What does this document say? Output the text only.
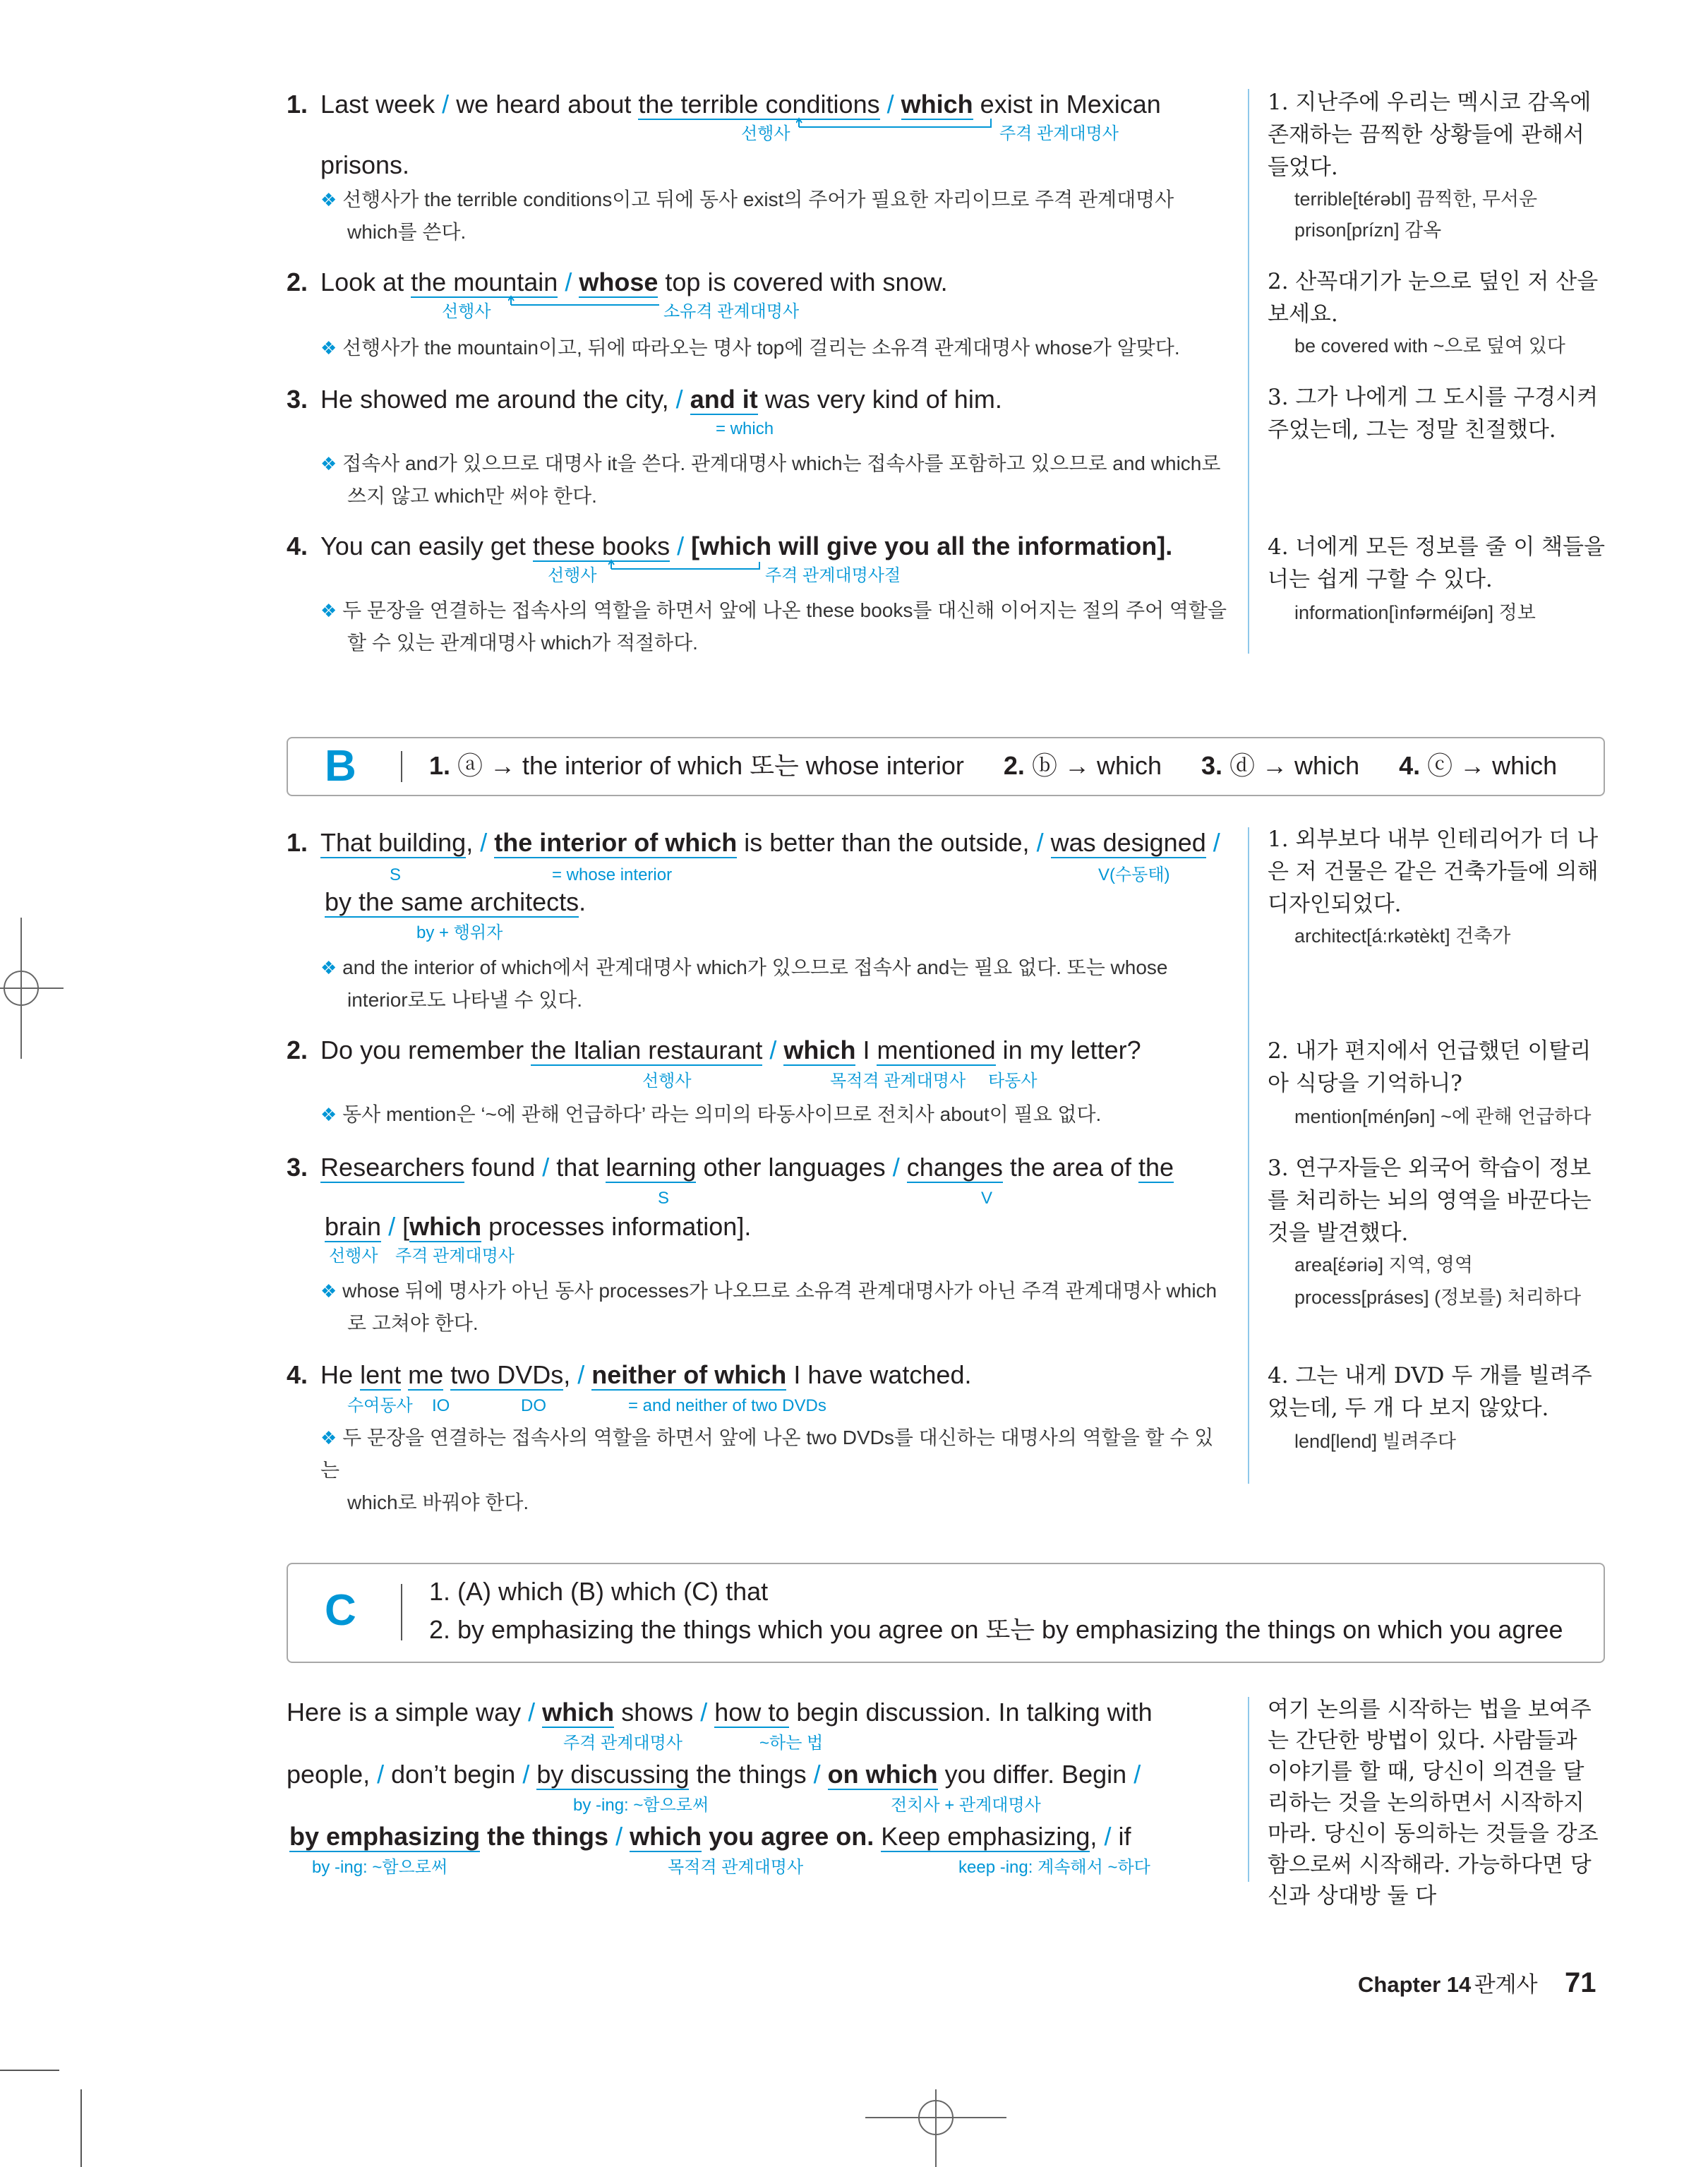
1. Last week / we heard about the terrible conditions / which exist in Mexican
선행사	주격 관계대명사
prisons.
❖ 선행사가 the terrible conditions이고 뒤에 동사 exist의 주어가 필요한 자리이므로 주격 관계대명사
which를 쓴다.
2. Look at the mountain / whose top is covered with snow.
선행사	소유격 관계대명사
❖ 선행사가 the mountain이고, 뒤에 따라오는 명사 top에 걸리는 소유격 관계대명사 whose가 알맞다.
3. He showed me around the city, / and it was very kind of him.
= which
❖ 접속사 and가 있으므로 대명사 it을 쓴다. 관계대명사 which는 접속사를 포함하고 있으므로 and which로
쓰지 않고 which만 써야 한다.
4. You can easily get these books / [which will give you all the information].
선행사	주격 관계대명사절
❖ 두 문장을 연결하는 접속사의 역할을 하면서 앞에 나온 these books를 대신해 이어지는 절의 주어 역할을
할 수 있는 관계대명사 which가 적절하다.
1. 지난주에 우리는 멕시코 감옥에 존재하는 끔찍한 상황들에 관해서 들었다.
terrible[térəbl] 끔찍한, 무서운
prison[prízn] 감옥
2. 산꼭대기가 눈으로 덮인 저 산을 보세요.
be covered with ~으로 덮여 있다
3. 그가 나에게 그 도시를 구경시켜 주었는데, 그는 정말 친절했다.
4. 너에게 모든 정보를 줄 이 책들을 너는 쉽게 구할 수 있다.
information[ìnfərméiʃən] 정보
B	1. ⓐ → the interior of which 또는 whose interior 2. ⓑ → which 3. ⓓ → which 4. ⓒ → which
1. That building, / the interior of which is better than the outside, / was designed /
S	= whose interior	V(수동태)
by the same architects.
by + 행위자
❖ and the interior of which에서 관계대명사 which가 있으므로 접속사 and는 필요 없다. 또는 whose
interior로도 나타낼 수 있다.
2. Do you remember the Italian restaurant / which I mentioned in my letter?
선행사	목적격 관계대명사 타동사
❖ 동사 mention은 ‘~에 관해 언급하다’ 라는 의미의 타동사이므로 전치사 about이 필요 없다.
3. Researchers found / that learning other languages / changes the area of the
S	V
brain / [which processes information].
선행사 주격 관계대명사
❖ whose 뒤에 명사가 아닌 동사 processes가 나오므로 소유격 관계대명사가 아닌 주격 관계대명사 which
로 고쳐야 한다.
4. He lent me two DVDs, / neither of which I have watched.
수여동사 IO	DO	= and neither of two DVDs
❖ 두 문장을 연결하는 접속사의 역할을 하면서 앞에 나온 two DVDs를 대신하는 대명사의 역할을 할 수 있는
which로 바꿔야 한다.
1. 외부보다 내부 인테리어가 더 나은 저 건물은 같은 건축가들에 의해 디자인되었다.
architect[á:rkətèkt] 건축가
2. 내가 편지에서 언급했던 이탈리아 식당을 기억하니?
mention[ménʃən] ~에 관해 언급하다
3. 연구자들은 외국어 학습이 정보를 처리하는 뇌의 영역을 바꾼다는 것을 발견했다.
area[έəriə] 지역, 영역
process[práses] (정보를) 처리하다
4. 그는 내게 DVD 두 개를 빌려주었는데, 두 개 다 보지 않았다.
lend[lend] 빌려주다
C	1. (A) which (B) which (C) that
2. by emphasizing the things which you agree on 또는 by emphasizing the things on which you agree
Here is a simple way / which shows / how to begin discussion. In talking with
주격 관계대명사	~하는 법
people, / don’t begin / by discussing the things / on which you differ. Begin /
by -ing: ~함으로써	전치사 + 관계대명사
by emphasizing the things / which you agree on. Keep emphasizing, / if
by -ing: ~함으로써	목적격 관계대명사	keep -ing: 계속해서 ~하다
여기 논의를 시작하는 법을 보여주는 간단한 방법이 있다. 사람들과 이야기를 할 때, 당신이 의견을 달리하는 것을 논의하면서 시작하지 마라. 당신이 동의하는 것들을 강조함으로써 시작해라. 가능하다면 당신과 상대방 둘 다
Chapter 14 관계사 71
